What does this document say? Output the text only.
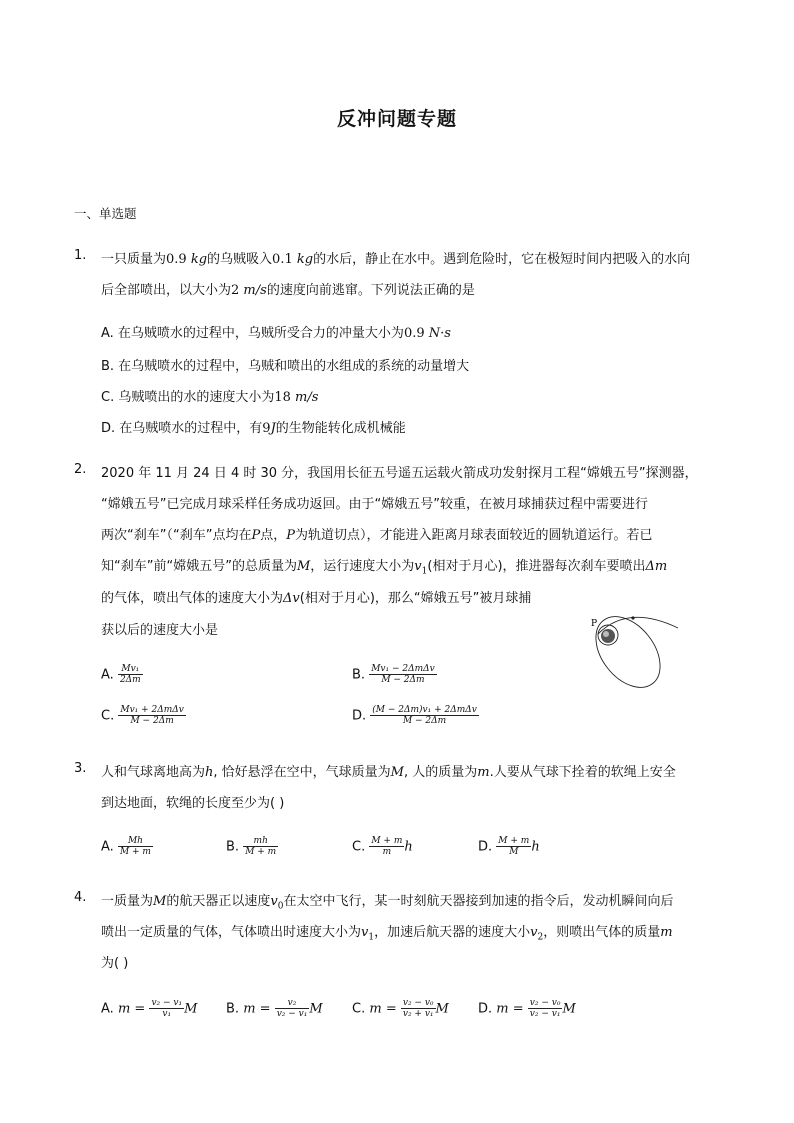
反冲问题专题
一、单选题
1. 一只质量为0.9 kg的乌贼吸入0.1 kg的水后，静止在水中。遇到危险时，它在极短时间内把吸入的水向
后全部喷出，以大小为2 m/s的速度向前逃窜。下列说法正确的是
A. 在乌贼喷水的过程中，乌贼所受合力的冲量大小为0.9 N·s
B. 在乌贼喷水的过程中，乌贼和喷出的水组成的系统的动量增大
C. 乌贼喷出的水的速度大小为18 m/s
D. 在乌贼喷水的过程中，有9J的生物能转化成机械能
2. 2020 年 11 月 24 日 4 时 30 分，我国用长征五号遥五运载火箭成功发射探月工程“嫦娥五号”探测器，
“嫦娥五号”已完成月球采样任务成功返回。由于“嫦娥五号”较重，在被月球捕获过程中需要进行
两次“刹车”（“刹车”点均在P点，P为轨道切点），才能进入距离月球表面较近的圆轨道运行。若已
知“刹车”前“嫦娥五号”的总质量为M，运行速度大小为$v_1$(相对于月心)，推进器每次刹车要喷出Δm
的气体，喷出气体的速度大小为Δv(相对于月心)，那么“嫦娥五号”被月球捕
获以后的速度大小是	P
A. $\frac{\text{Mv₁}}{2\Delta m}$	B. $\frac{\text{Mv₁ − 2ΔmΔv}}{M - 2\Delta m}$
C. $\frac{\text{Mv₁ + 2ΔmΔv}}{M - 2\Delta m}$	D. $\frac{\text{(M − 2Δm)v₁ + 2ΔmΔv}}{M - 2\Delta m}$
3. 人和气球离地高为h, 恰好悬浮在空中，气球质量为M, 人的质量为m.人要从气球下拴着的软绳上安全
到达地面，软绳的长度至少为( )
A. $\frac{Mh}{M + m}$	B. $\frac{mh}{M + m}$	C. $\frac{M + m}{m}$ h	D. $\frac{M + m}{M}$ h
4. 一质量为M的航天器正以速度$v_0$在太空中飞行，某一时刻航天器接到加速的指令后，发动机瞬间向后
喷出一定质量的气体，气体喷出时速度大小为$v_1$，加速后航天器的速度大小$v_2$，则喷出气体的质量m
为( )
A. $m = \frac{\text{v₂ − v₁}}{\text{v₁}}$ M B. $m = \frac{\text{v₂}}{\text{v₂ − v₁}}$ M C. $m = \frac{\text{v₂ − v₀}}{\text{v₂ + v₁}}$ M D. $m = \frac{\text{v₂ − v₀}}{\text{v₂ − v₁}}$ M
